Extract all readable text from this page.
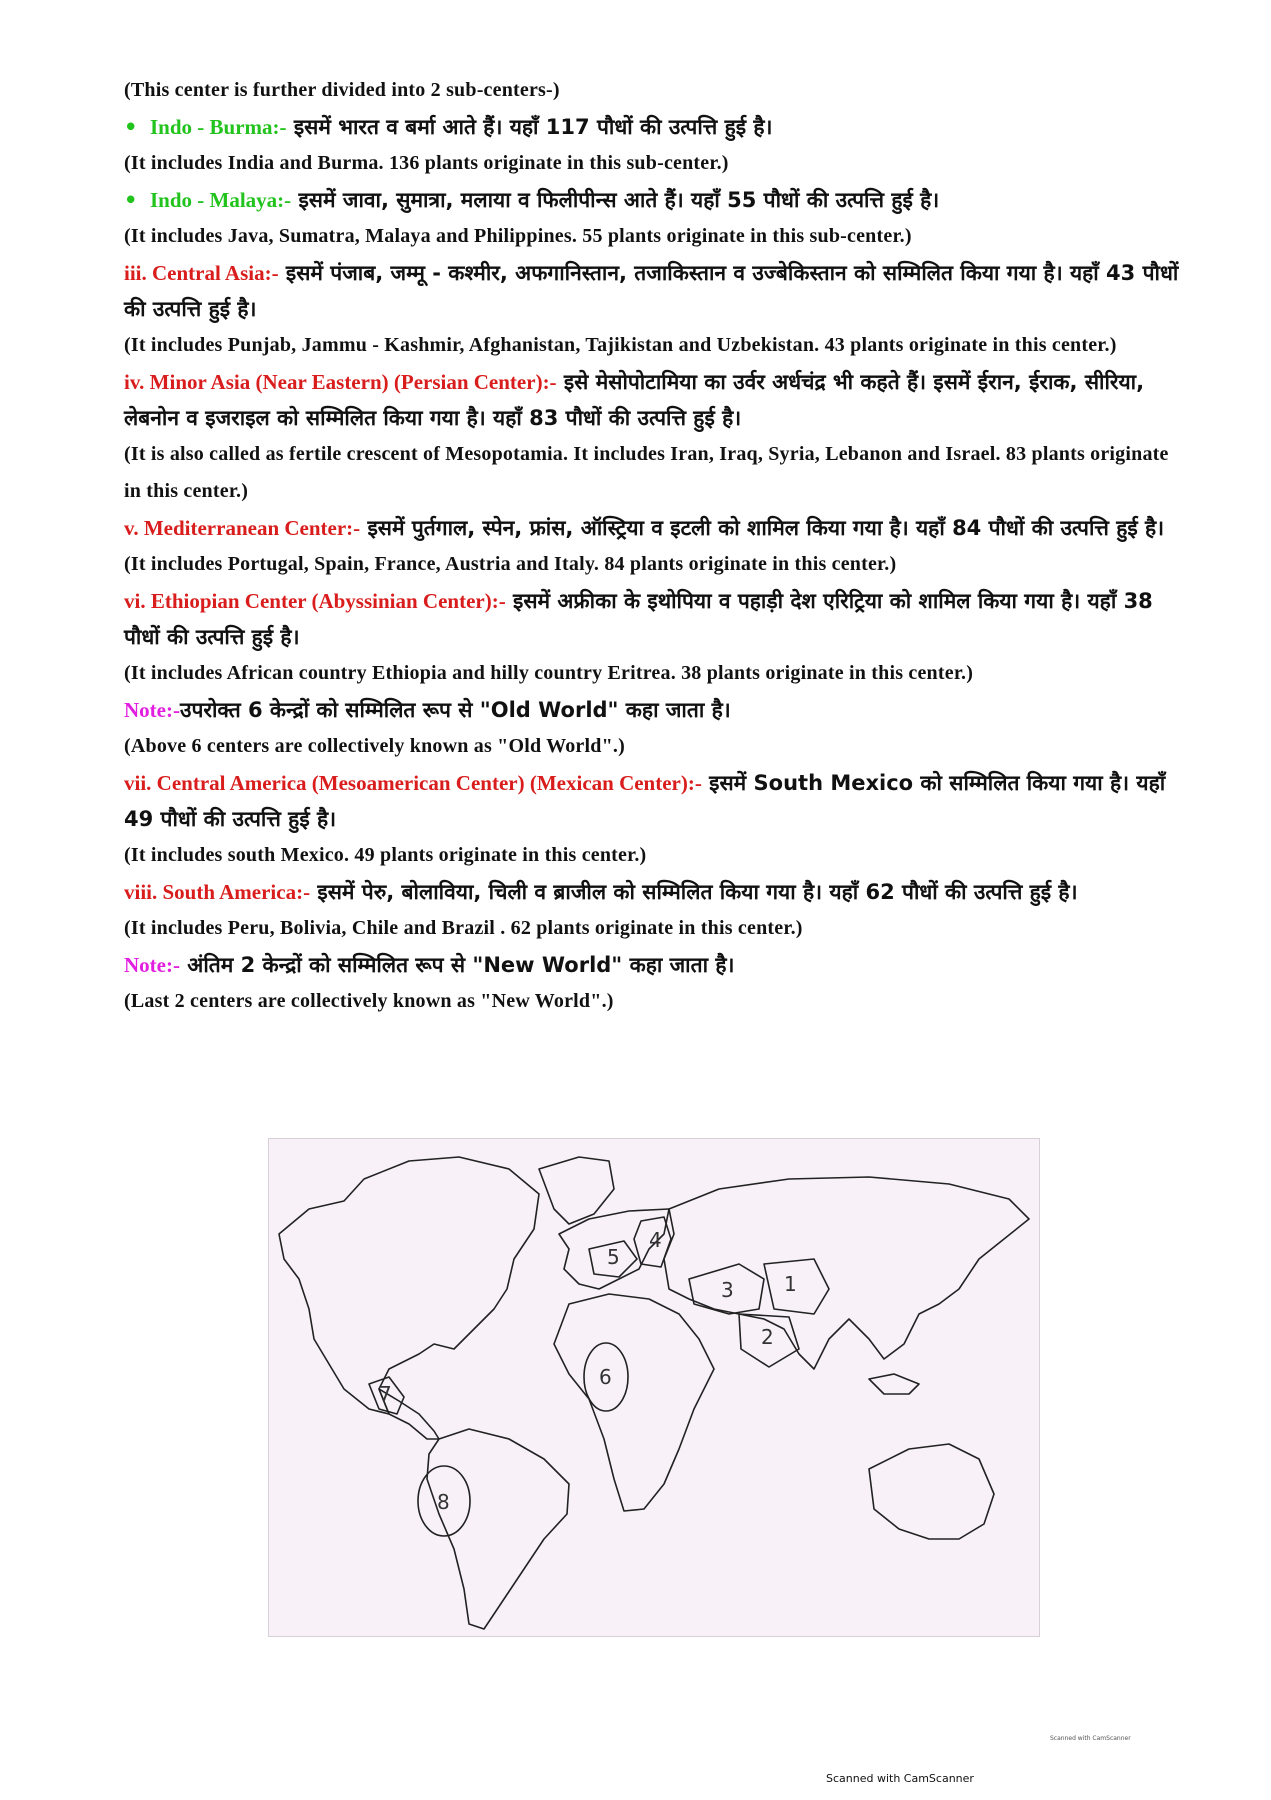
(This center is further divided into 2 sub-centers-)

• Indo - Burma:- इसमें भारत व बर्मा आते हैं। यहाँ 117 पौधों की उत्पत्ति हुई है।

(It includes India and Burma. 136 plants originate in this sub-center.)

• Indo - Malaya:- इसमें जावा, सुमात्रा, मलाया व फिलीपीन्स आते हैं। यहाँ 55 पौधों की उत्पत्ति हुई है।

(It includes Java, Sumatra, Malaya and Philippines. 55 plants originate in this sub-center.)

iii. Central Asia:- इसमें पंजाब, जम्मू - कश्मीर, अफगानिस्तान, तजाकिस्तान व उज्बेकिस्तान को सम्मिलित किया गया है। यहाँ 43 पौधों की उत्पत्ति हुई है।

(It includes Punjab, Jammu - Kashmir, Afghanistan, Tajikistan and Uzbekistan. 43 plants originate in this center.)

iv. Minor Asia (Near Eastern) (Persian Center):- इसे मेसोपोटामिया का उर्वर अर्धचंद्र भी कहते हैं। इसमें ईरान, ईराक, सीरिया, लेबनोन व इजराइल को सम्मिलित किया गया है। यहाँ 83 पौधों की उत्पत्ति हुई है।

(It is also called as fertile crescent of Mesopotamia. It includes Iran, Iraq, Syria, Lebanon and Israel. 83 plants originate in this center.)

v. Mediterranean Center:- इसमें पुर्तगाल, स्पेन, फ्रांस, ऑस्ट्रिया व इटली को शामिल किया गया है। यहाँ 84 पौधों की उत्पत्ति हुई है।

(It includes Portugal, Spain, France, Austria and Italy. 84 plants originate in this center.)

vi. Ethiopian Center (Abyssinian Center):- इसमें अफ्रीका के इथोपिया व पहाड़ी देश एरिट्रिया को शामिल किया गया है। यहाँ 38 पौधों की उत्पत्ति हुई है।

(It includes African country Ethiopia and hilly country Eritrea. 38 plants originate in this center.)

Note:-उपरोक्त 6 केन्द्रों को सम्मिलित रूप से "Old World" कहा जाता है।

(Above 6 centers are collectively known as "Old World".)

vii. Central America (Mesoamerican Center) (Mexican Center):- इसमें South Mexico को सम्मिलित किया गया है। यहाँ 49 पौधों की उत्पत्ति हुई है।

(It includes south Mexico. 49 plants originate in this center.)

viii. South America:- इसमें पेरु, बोलाविया, चिली व ब्राजील को सम्मिलित किया गया है। यहाँ 62 पौधों की उत्पत्ति हुई है।

(It includes Peru, Bolivia, Chile and Brazil . 62 plants originate in this center.)

Note:- अंतिम 2 केन्द्रों को सम्मिलित रूप से "New World" कहा जाता है।

(Last 2 centers are collectively known as "New World".)

1
2
3
4
5
6
7
8
Scanned with CamScanner
Scanned with CamScanner
